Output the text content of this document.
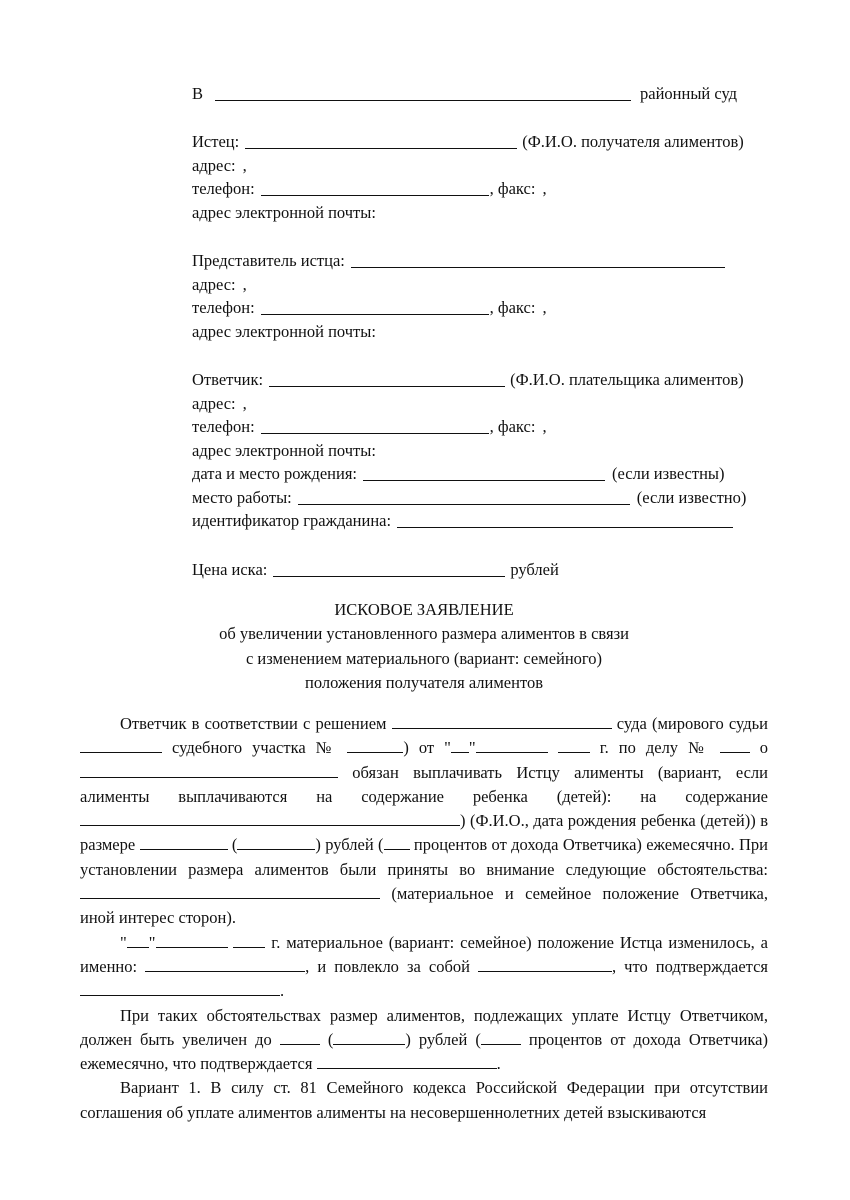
В	районный суд
Истец:	(Ф.И.О. получателя алиментов)
адрес: ,
телефон:	, факс: ,
адрес электронной почты:
Представитель истца:
адрес: ,
телефон:	, факс: ,
адрес электронной почты:
Ответчик:	(Ф.И.О. плательщика алиментов)
адрес: ,
телефон:	, факс: ,
адрес электронной почты:
дата и место рождения:	(если известны)
место работы:	(если известно)
идентификатор гражданина:
Цена иска:	рублей
ИСКОВОЕ ЗАЯВЛЕНИЕ
об увеличении установленного размера алиментов в связи
с изменением материального (вариант: семейного)
положения получателя алиментов

Ответчик в соответствии с решением	суда (мирового судьи  судебного участка №	) от " "	г. по делу №  о  обязан выплачивать Истцу алименты (вариант, если алименты выплачиваются на содержание ребенка (детей): на содержание ) (Ф.И.О., дата рождения ребенка (детей)) в размере	(	) рублей ( процентов от дохода Ответчика) ежемесячно. При установлении размера алиментов были приняты во внимание следующие обстоятельства:  (материальное и семейное положение Ответчика, иной интерес сторон).

" "	г. материальное (вариант: семейное) положение Истца изменилось, а именно:	, и повлекло за собой	, что подтверждается .

При таких обстоятельствах размер алиментов, подлежащих уплате Истцу Ответчиком, должен быть увеличен до  (	) рублей ( процентов от дохода Ответчика) ежемесячно, что подтверждается	.

Вариант 1. В силу ст. 81 Семейного кодекса Российской Федерации при отсутствии соглашения об уплате алиментов алименты на несовершеннолетних детей взыскиваются
